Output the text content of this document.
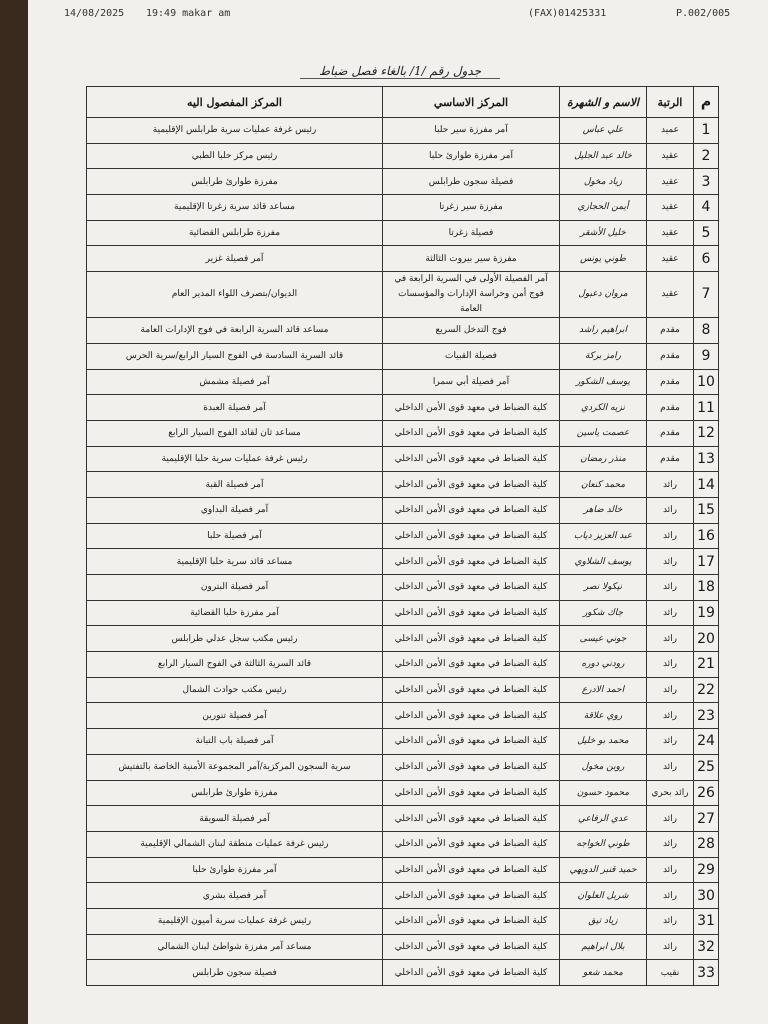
14/08/2025 19:49 makar am	(FAX)01425331	P.002/005
جدول رقم /1/ بالغاء فصل ضباط
م	الرتبة	الاسم و الشهرة	المركز الاساسي	المركز المفصول اليه
1	عميد	علي عباس	آمر مفرزة سير حلبا	رئيس غرفة عمليات سرية طرابلس الإقليمية
2	عقيد	خالد عبد الجليل	آمر مفرزة طوارئ حلبا	رئيس مركز حلبا الطبي
3	عقيد	زياد مخول	فصيلة سجون طرابلس	مفرزة طوارئ طرابلس
4	عقيد	أيمن الحجازي	مفرزة سير زغرتا	مساعد قائد سرية زغرتا الإقليمية
5	عقيد	خليل الأشقر	فصيلة زغرتا	مفرزة طرابلس القضائية
6	عقيد	طوني يونس	مفرزة سير بيروت الثالثة	آمر فصيلة غزير
7	عقيد	مروان دعبول	آمر الفصيلة الأولى في السرية الرابعة في فوج أمن وحراسة الإدارات والمؤسسات العامة	الديوان/بتصرف اللواء المدير العام
8	مقدم	ابراهيم راشد	فوج التدخل السريع	مساعد قائد السرية الرابعة في فوج الإدارات العامة
9	مقدم	رامز بركة	فصيلة القبيات	قائد السرية السادسة في الفوج السيار الرابع/سرية الحرس
10	مقدم	يوسف الشكور	آمر فصيلة أبي سمرا	آمر فصيلة مشمش
11	مقدم	نزيه الكردي	كلية الضباط في معهد قوى الأمن الداخلي	آمر فصيلة العبدة
12	مقدم	عصمت ياسين	كلية الضباط في معهد قوى الأمن الداخلي	مساعد ثان لقائد الفوج السيار الرابع
13	مقدم	منذر رمضان	كلية الضباط في معهد قوى الأمن الداخلي	رئيس غرفة عمليات سرية حلبا الإقليمية
14	رائد	محمد كنعان	كلية الضباط في معهد قوى الأمن الداخلي	آمر فصيلة القبة
15	رائد	خالد ضاهر	كلية الضباط في معهد قوى الأمن الداخلي	آمر فصيلة البداوي
16	رائد	عبد العزيز دياب	كلية الضباط في معهد قوى الأمن الداخلي	آمر فصيلة حلبا
17	رائد	يوسف الشلاوي	كلية الضباط في معهد قوى الأمن الداخلي	مساعد قائد سرية حلبا الإقليمية
18	رائد	نيكولا نصر	كلية الضباط في معهد قوى الأمن الداخلي	آمر فصيلة البترون
19	رائد	جاك شكور	كلية الضباط في معهد قوى الأمن الداخلي	آمر مفرزة حلبا القضائية
20	رائد	جوني عيسى	كلية الضباط في معهد قوى الأمن الداخلي	رئيس مكتب سجل عدلي طرابلس
21	رائد	رودني دوره	كلية الضباط في معهد قوى الأمن الداخلي	قائد السرية الثالثة في الفوج السيار الرابع
22	رائد	احمد الادرع	كلية الضباط في معهد قوى الأمن الداخلي	رئيس مكتب حوادث الشمال
23	رائد	روي علاقة	كلية الضباط في معهد قوى الأمن الداخلي	آمر فصيلة تنورين
24	رائد	محمد بو خليل	كلية الضباط في معهد قوى الأمن الداخلي	آمر فصيلة باب التبانة
25	رائد	روبن مخول	كلية الضباط في معهد قوى الأمن الداخلي	سرية السجون المركزية/آمر المجموعة الأمنية الخاصة بالتفتيش
26	رائد بحري	محمود حسون	كلية الضباط في معهد قوى الأمن الداخلي	مفرزة طوارئ طرابلس
27	رائد	عدي الرفاعي	كلية الضباط في معهد قوى الأمن الداخلي	آمر فصيلة السويقة
28	رائد	طوني الخواجه	كلية الضباط في معهد قوى الأمن الداخلي	رئيس غرفة عمليات منطقة لبنان الشمالي الإقليمية
29	رائد	حميد قنبر الدويهي	كلية الضباط في معهد قوى الأمن الداخلي	آمر مفرزة طوارئ حلبا
30	رائد	شربل العلوان	كلية الضباط في معهد قوى الأمن الداخلي	آمر فصيلة بشري
31	رائد	زياد تيق	كلية الضباط في معهد قوى الأمن الداخلي	رئيس غرفة عمليات سرية أميون الإقليمية
32	رائد	بلال ابراهيم	كلية الضباط في معهد قوى الأمن الداخلي	مساعد آمر مفرزة شواطئ لبنان الشمالي
33	نقيب	محمد شعو	كلية الضباط في معهد قوى الأمن الداخلي	فصيلة سجون طرابلس
